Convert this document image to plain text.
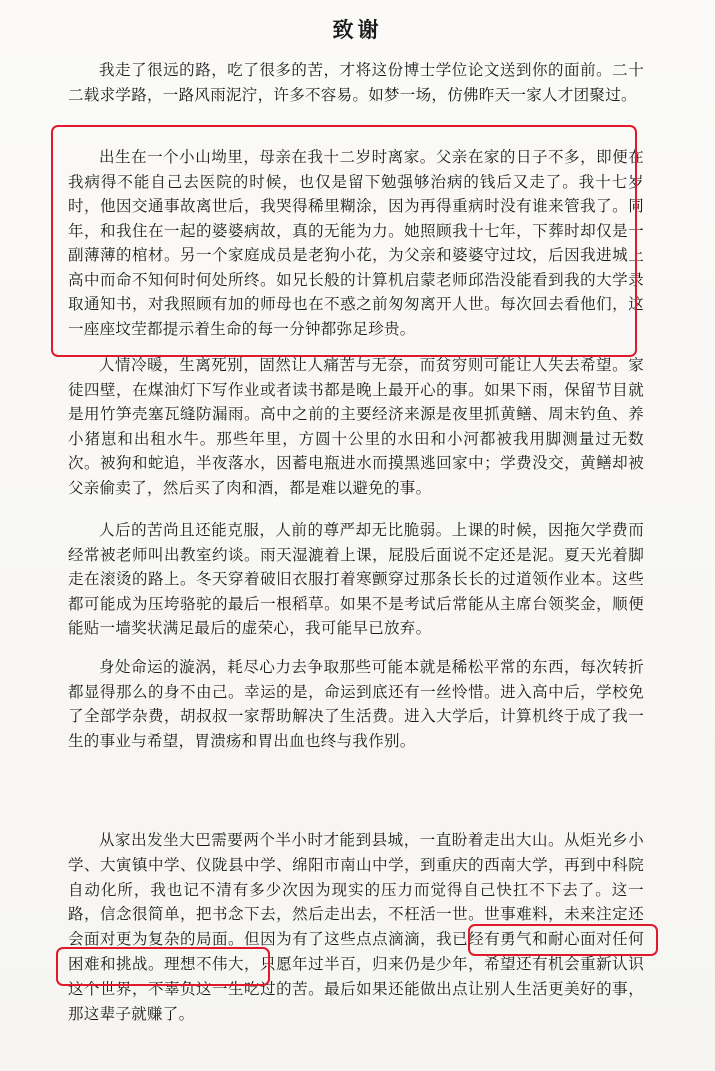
致谢

我走了很远的路，吃了很多的苦，才将这份博士学位论文送到你的面前。二十二载求学路，一路风雨泥泞，许多不容易。如梦一场，仿佛昨天一家人才团聚过。

出生在一个小山坳里，母亲在我十二岁时离家。父亲在家的日子不多，即便在我病得不能自己去医院的时候，也仅是留下勉强够治病的钱后又走了。我十七岁时，他因交通事故离世后，我哭得稀里糊涂，因为再得重病时没有谁来管我了。同年，和我住在一起的婆婆病故，真的无能为力。她照顾我十七年，下葬时却仅是一副薄薄的棺材。另一个家庭成员是老狗小花，为父亲和婆婆守过坟，后因我进城上高中而命不知何时何处所终。如兄长般的计算机启蒙老师邱浩没能看到我的大学录取通知书，对我照顾有加的师母也在不惑之前匆匆离开人世。每次回去看他们，这一座座坟茔都提示着生命的每一分钟都弥足珍贵。

人情冷暖，生离死别，固然让人痛苦与无奈，而贫穷则可能让人失去希望。家徒四壁，在煤油灯下写作业或者读书都是晚上最开心的事。如果下雨，保留节目就是用竹笋壳塞瓦缝防漏雨。高中之前的主要经济来源是夜里抓黄鳝、周末钓鱼、养小猪崽和出租水牛。那些年里，方圆十公里的水田和小河都被我用脚测量过无数次。被狗和蛇追，半夜落水，因蓄电瓶进水而摸黑逃回家中；学费没交，黄鳝却被父亲偷卖了，然后买了肉和酒，都是难以避免的事。

人后的苦尚且还能克服，人前的尊严却无比脆弱。上课的时候，因拖欠学费而经常被老师叫出教室约谈。雨天湿漉着上课，屁股后面说不定还是泥。夏天光着脚走在滚烫的路上。冬天穿着破旧衣服打着寒颤穿过那条长长的过道领作业本。这些都可能成为压垮骆驼的最后一根稻草。如果不是考试后常能从主席台领奖金，顺便能贴一墙奖状满足最后的虚荣心，我可能早已放弃。

身处命运的漩涡，耗尽心力去争取那些可能本就是稀松平常的东西，每次转折都显得那么的身不由己。幸运的是，命运到底还有一丝怜惜。进入高中后，学校免了全部学杂费，胡叔叔一家帮助解决了生活费。进入大学后，计算机终于成了我一生的事业与希望，胃溃疡和胃出血也终与我作别。

从家出发坐大巴需要两个半小时才能到县城，一直盼着走出大山。从炬光乡小学、大寅镇中学、仪陇县中学、绵阳市南山中学，到重庆的西南大学，再到中科院自动化所，我也记不清有多少次因为现实的压力而觉得自己快扛不下去了。这一路，信念很简单，把书念下去，然后走出去，不枉活一世。世事难料，未来注定还会面对更为复杂的局面。但因为有了这些点点滴滴，我已经有勇气和耐心面对任何困难和挑战。理想不伟大，只愿年过半百，归来仍是少年，希望还有机会重新认识这个世界，不辜负这一生吃过的苦。最后如果还能做出点让别人生活更美好的事，那这辈子就赚了。
